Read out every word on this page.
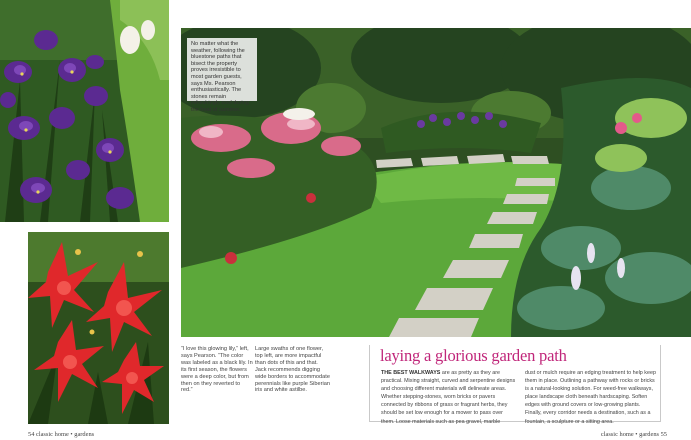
No matter what the weather, following the bluestone paths that bisect the property proves irresistible to most garden guests, says Ms. Pearson enthusiastically. The stones remain refreshingly cool during the heat of summer.
“I love this glowing lily,” left, says Pearson. “The color was labeled as a black lily. In its first season, the flowers were a deep color, but from then on they reverted to red.”
Large swaths of one flower, top left, are more impactful than dots of this and that. Jack recommends digging wide borders to accommodate perennials like purple Siberian iris and white astilbe.
laying a glorious garden path
THE BEST WALKWAYS are as pretty as they are practical. Mixing straight, curved and serpentine designs and choosing different materials will delineate areas. Whether stepping-stones, worn bricks or pavers connected by ribbons of grass or fragrant herbs, they should be set low enough for a mower to pass over them. Loose materials such as pea gravel, marble
dust or mulch require an edging treatment to help keep them in place. Outlining a pathway with rocks or bricks is a natural-looking solution. For weed-free walkways, place landscape cloth beneath hardscaping. Soften edges with ground covers or low-growing plants. Finally, every corridor needs a destination, such as a fountain, a sculpture or a sitting area.
54 classic home • gardens	classic home • gardens 55
